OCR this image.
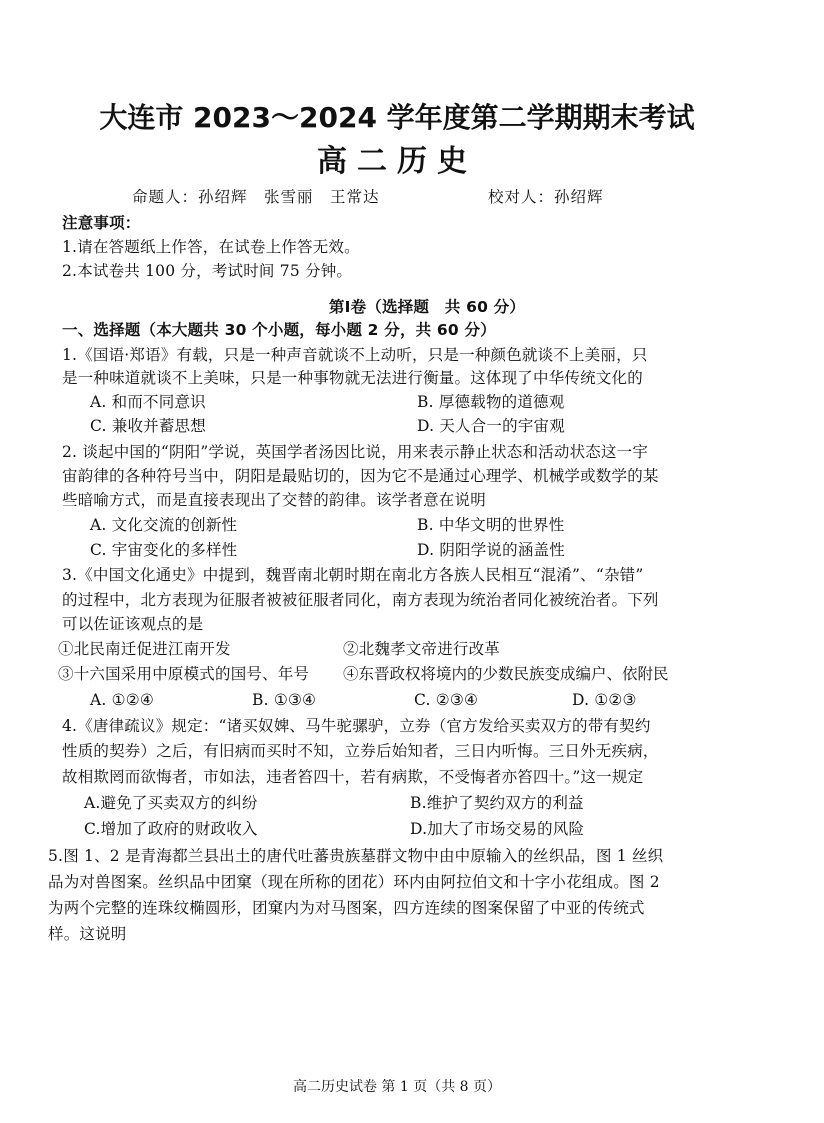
大连市 2023～2024 学年度第二学期期末考试
高二历史
命题人：孙绍辉　张雪丽　王常达	校对人：孙绍辉
注意事项：
1.请在答题纸上作答，在试卷上作答无效。
2.本试卷共 100 分，考试时间 75 分钟。
第Ⅰ卷（选择题　共 60 分）
一、选择题（本大题共 30 个小题，每小题 2 分，共 60 分）
1.《国语·郑语》有载，只是一种声音就谈不上动听，只是一种颜色就谈不上美丽，只
是一种味道就谈不上美味，只是一种事物就无法进行衡量。这体现了中华传统文化的
A. 和而不同意识	B. 厚德载物的道德观
C. 兼收并蓄思想	D. 天人合一的宇宙观
2. 谈起中国的“阴阳”学说，英国学者汤因比说，用来表示静止状态和活动状态这一宇
宙韵律的各种符号当中，阴阳是最贴切的，因为它不是通过心理学、机械学或数学的某
些暗喻方式，而是直接表现出了交替的韵律。该学者意在说明
A. 文化交流的创新性	B. 中华文明的世界性
C. 宇宙变化的多样性	D. 阴阳学说的涵盖性
3.《中国文化通史》中提到，魏晋南北朝时期在南北方各族人民相互“混淆”、“杂错”
的过程中，北方表现为征服者被被征服者同化，南方表现为统治者同化被统治者。下列
可以佐证该观点的是
①北民南迁促进江南开发	②北魏孝文帝进行改革
③十六国采用中原模式的国号、年号 ④东晋政权将境内的少数民族变成编户、依附民
A. ①②④	B. ①③④	C. ②③④	D. ①②③
4.《唐律疏议》规定：“诸买奴婢、马牛驼骡驴，立券（官方发给买卖双方的带有契约
性质的契券）之后，有旧病而买时不知，立券后始知者，三日内听悔。三日外无疾病，
故相欺罔而欲悔者，市如法，违者笞四十，若有病欺，不受悔者亦笞四十。”这一规定
A.避免了买卖双方的纠纷	B.维护了契约双方的利益
C.增加了政府的财政收入	D.加大了市场交易的风险
5.图 1、2 是青海都兰县出土的唐代吐蕃贵族墓群文物中由中原输入的丝织品，图 1 丝织
品为对兽图案。丝织品中团窠（现在所称的团花）环内由阿拉伯文和十字小花组成。图 2
为两个完整的连珠纹椭圆形，团窠内为对马图案，四方连续的图案保留了中亚的传统式
样。这说明
高二历史试卷 第 1 页（共 8 页）
